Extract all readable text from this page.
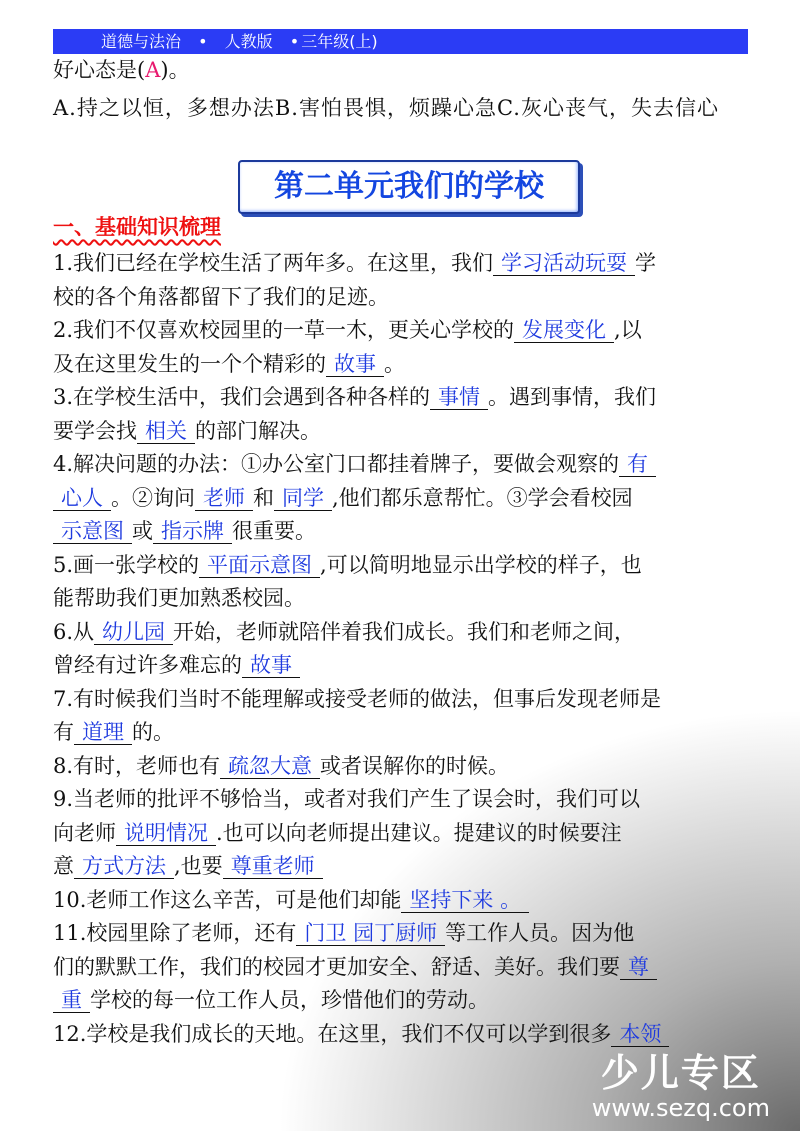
道德与法治 • 人教版 • 三年级(上)
好心态是(A)。
A.持之以恒，多想办法B.害怕畏惧，烦躁心急C.灰心丧气，失去信心
第二单元我们的学校
一、基础知识梳理
1.我们已经在学校生活了两年多。在这里，我们 学习活动玩耍 学
校的各个角落都留下了我们的足迹。
2.我们不仅喜欢校园里的一草一木，更关心学校的 发展变化 ,以
及在这里发生的一个个精彩的 故事 。
3.在学校生活中，我们会遇到各种各样的 事情 。遇到事情，我们
要学会找 相关 的部门解决。
4.解决问题的办法：①办公室门口都挂着牌子，要做会观察的 有
心人 。②询问 老师 和 同学 ,他们都乐意帮忙。③学会看校园
示意图 或 指示牌 很重要。
5.画一张学校的 平面示意图 ,可以简明地显示出学校的样子，也
能帮助我们更加熟悉校园。
6.从 幼儿园 开始，老师就陪伴着我们成长。我们和老师之间，
曾经有过许多难忘的 故事
7.有时候我们当时不能理解或接受老师的做法，但事后发现老师是
有 道理 的。
8.有时，老师也有 疏忽大意 或者误解你的时候。
9.当老师的批评不够恰当，或者对我们产生了误会时，我们可以
向老师 说明情况 .也可以向老师提出建议。提建议的时候要注
意 方式方法 ,也要 尊重老师
10.老师工作这么辛苦，可是他们却能 坚持下来 。
11.校园里除了老师，还有 门卫 园丁厨师 等工作人员。因为他
们的默默工作，我们的校园才更加安全、舒适、美好。我们要 尊
重 学校的每一位工作人员，珍惜他们的劳动。
12.学校是我们成长的天地。在这里，我们不仅可以学到很多 本领
少儿专区
www.sezq.com
